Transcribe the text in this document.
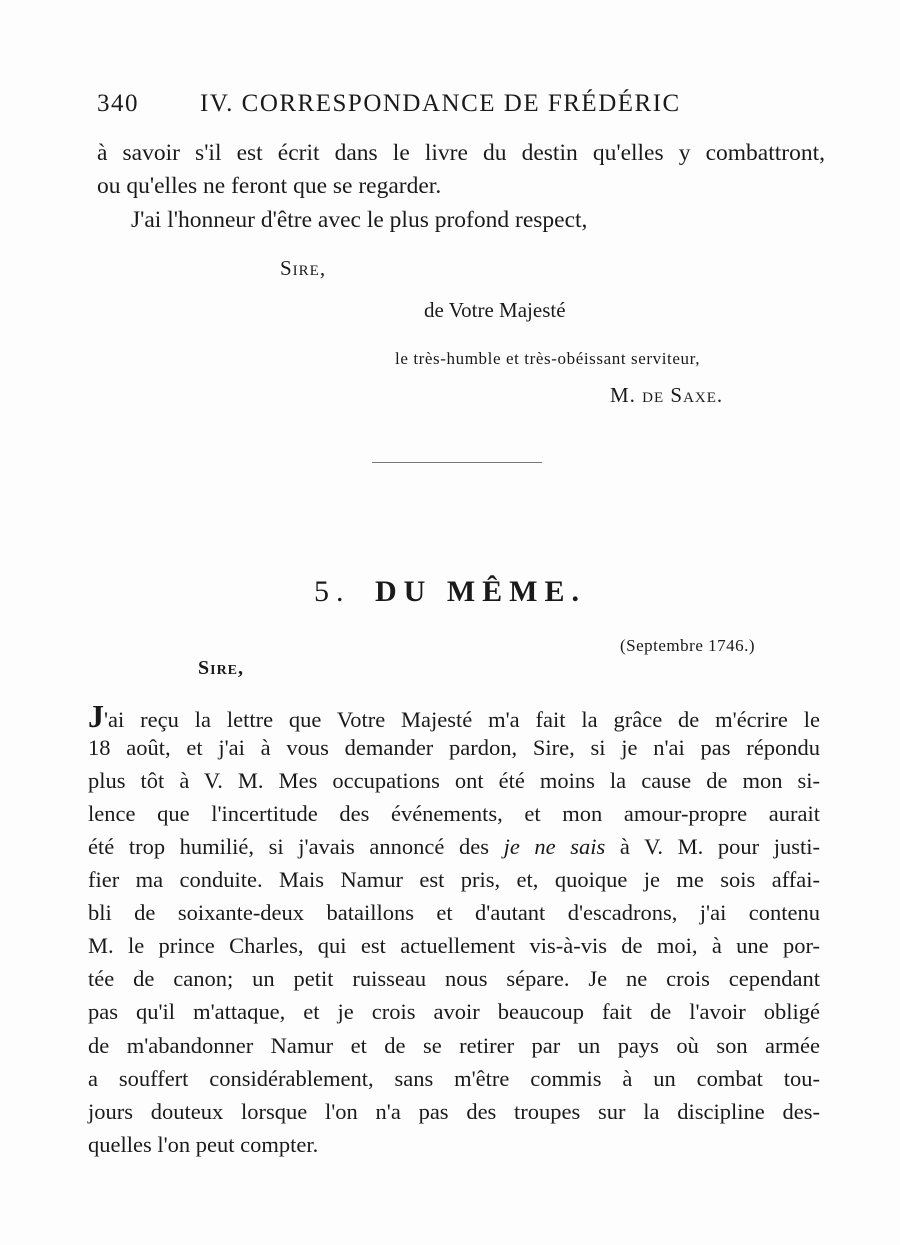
340 IV. CORRESPONDANCE DE FRÉDÉRIC
à savoir s'il est écrit dans le livre du destin qu'elles y combattront,
ou qu'elles ne feront que se regarder.
J'ai l'honneur d'être avec le plus profond respect,
Sire,
de Votre Majesté
le très-humble et très-obéissant serviteur,
M. de Saxe.
5. DU MÊME.
(Septembre 1746.)
Sire,
J'ai reçu la lettre que Votre Majesté m'a fait la grâce de m'écrire le
18 août, et j'ai à vous demander pardon, Sire, si je n'ai pas répondu
plus tôt à V. M. Mes occupations ont été moins la cause de mon si-
lence que l'incertitude des événements, et mon amour-propre aurait
été trop humilié, si j'avais annoncé des je ne sais à V. M. pour justi-
fier ma conduite. Mais Namur est pris, et, quoique je me sois affai-
bli de soixante-deux bataillons et d'autant d'escadrons, j'ai contenu
M. le prince Charles, qui est actuellement vis-à-vis de moi, à une por-
tée de canon; un petit ruisseau nous sépare. Je ne crois cependant
pas qu'il m'attaque, et je crois avoir beaucoup fait de l'avoir obligé
de m'abandonner Namur et de se retirer par un pays où son armée
a souffert considérablement, sans m'être commis à un combat tou-
jours douteux lorsque l'on n'a pas des troupes sur la discipline des-
quelles l'on peut compter.
